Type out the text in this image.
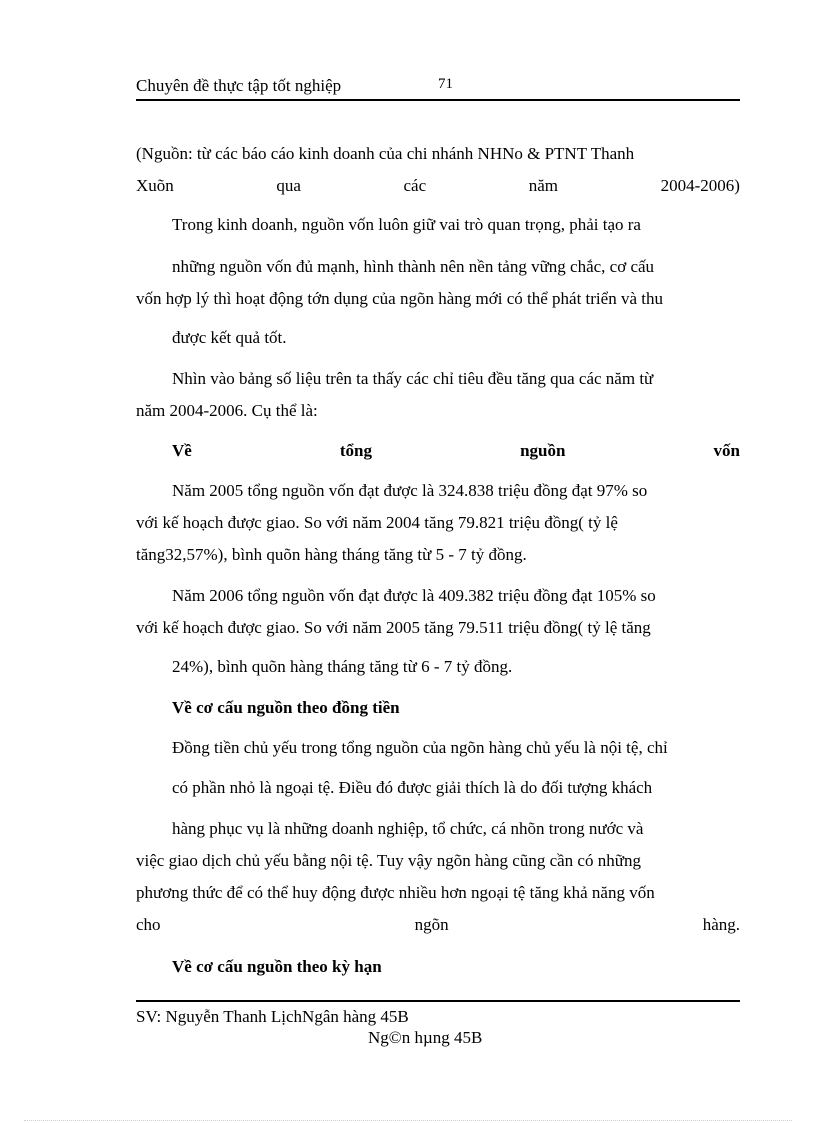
Chuyên đề thực tập tốt nghiệp	71
(Nguồn: từ các báo cáo kinh doanh của chi nhánh NHNo & PTNT Thanh
Xuõn	qua	các	năm	2004-2006)
Trong kinh doanh, nguồn vốn luôn giữ vai trò quan trọng, phải tạo ra
những nguồn vốn đủ mạnh, hình thành nên nền tảng vững chắc, cơ cấu
vốn hợp lý thì hoạt động tớn dụng của ngõn hàng mới có thể phát triển và thu
được kết quả tốt.
Nhìn vào bảng số liệu trên ta thấy các chỉ tiêu đều tăng qua các năm từ
năm 2004-2006. Cụ thể là:
Về	tổng	nguồn	vốn
Năm 2005 tổng nguồn vốn đạt được là 324.838 triệu đồng đạt 97% so
với kế hoạch được giao. So với năm 2004 tăng 79.821 triệu đồng( tỷ lệ
tăng32,57%), bình quõn hàng tháng tăng từ 5 - 7 tỷ đồng.
Năm 2006 tổng nguồn vốn đạt được là 409.382 triệu đồng đạt 105% so
với kế hoạch được giao. So với năm 2005 tăng 79.511 triệu đồng( tỷ lệ tăng
24%), bình quõn hàng tháng tăng từ 6 - 7 tỷ đồng.
Về cơ cấu nguồn theo đồng tiền
Đồng tiền chủ yếu trong tổng nguồn của ngõn hàng chủ yếu là nội tệ, chỉ
có phần nhỏ là ngoại tệ. Điều đó được giải thích là do đối tượng khách
hàng phục vụ là những doanh nghiệp, tổ chức, cá nhõn trong nước và
việc giao dịch chủ yếu bằng nội tệ. Tuy vậy ngõn hàng cũng cần có những
phương thức để có thể huy động được nhiều hơn ngoại tệ tăng khả năng vốn
cho	ngõn	hàng.
Về cơ cấu nguồn theo kỳ hạn
SV: Nguyễn Thanh LịchNgân hàng 45B
Ng©n hµng 45B
